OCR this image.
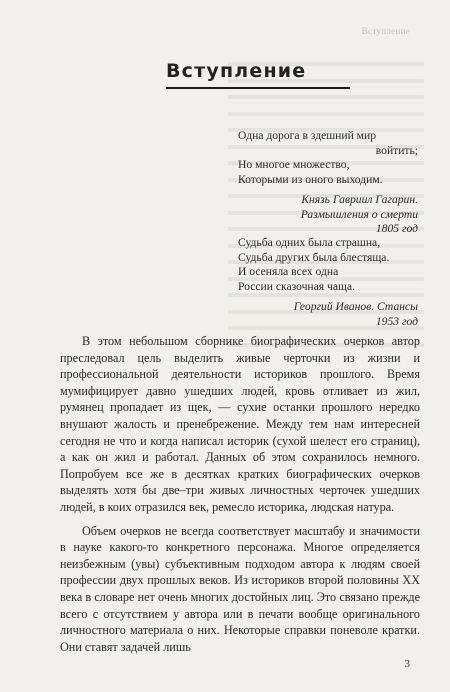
Вступление
Вступление
Одна дорога в здешний мир
войтить;
Но многое множество,
Которыми из оного выходим.
Князь Гавриил Гагарин.
Размышления о смерти
1805 год
Судьба одних была страшна,
Судьба других была блестяща.
И осеняла всех одна
России сказочная чаща.
Георгий Иванов. Стансы
1953 год

В этом небольшом сборнике биографических очерков автор преследовал цель выделить живые черточки из жизни и профессиональной деятельности историков прошлого. Время мумифицирует давно ушедших людей, кровь отливает из жил, румянец пропадает из щек, — сухие останки прошлого нередко внушают жалость и пренебрежение. Между тем нам интересней сегодня не что и когда написал историк (сухой шелест его страниц), а как он жил и работал. Данных об этом сохранилось немного. Попробуем все же в десятках кратких биографических очерков выделять хотя бы две–три живых личностных черточек ушедших людей, в коих отразился век, ремесло историка, людская натура.

Объем очерков не всегда соответствует масштабу и значимости в науке какого-то конкретного персонажа. Многое определяется неизбежным (увы) субъективным подходом автора к людям своей профессии двух прошлых веков. Из историков второй половины XX века в словаре нет очень многих достойных лиц. Это связано прежде всего с отсутствием у автора или в печати вообще оригинального личностного материала о них. Некоторые справки поневоле кратки. Они ставят задачей лишь

3
